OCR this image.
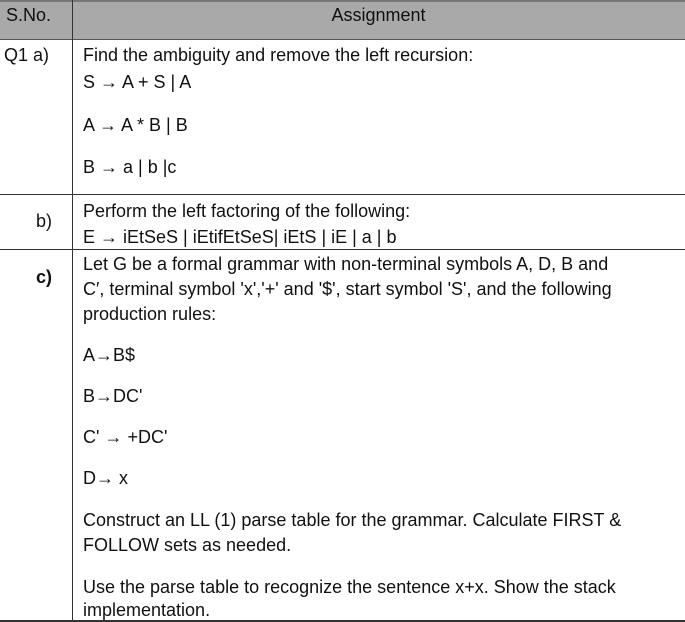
S.No.	Assignment
Q1 a) Find the ambiguity and remove the left recursion:
S → A + S | A
A → A * B | B
B → a | b |c
b) Perform the left factoring of the following:
E → iEtSeS | iEtifEtSeS| iEtS | iE | a | b
c)
Let G be a formal grammar with non-terminal symbols A, D, B and
C′, terminal symbol 'x','+' and '$', start symbol 'S', and the following
production rules:
A→B$
B→DC'
C' → +DC'
D→ x
Construct an LL (1) parse table for the grammar. Calculate FIRST &
FOLLOW sets as needed.
Use the parse table to recognize the sentence x+x. Show the stack
implementation.
